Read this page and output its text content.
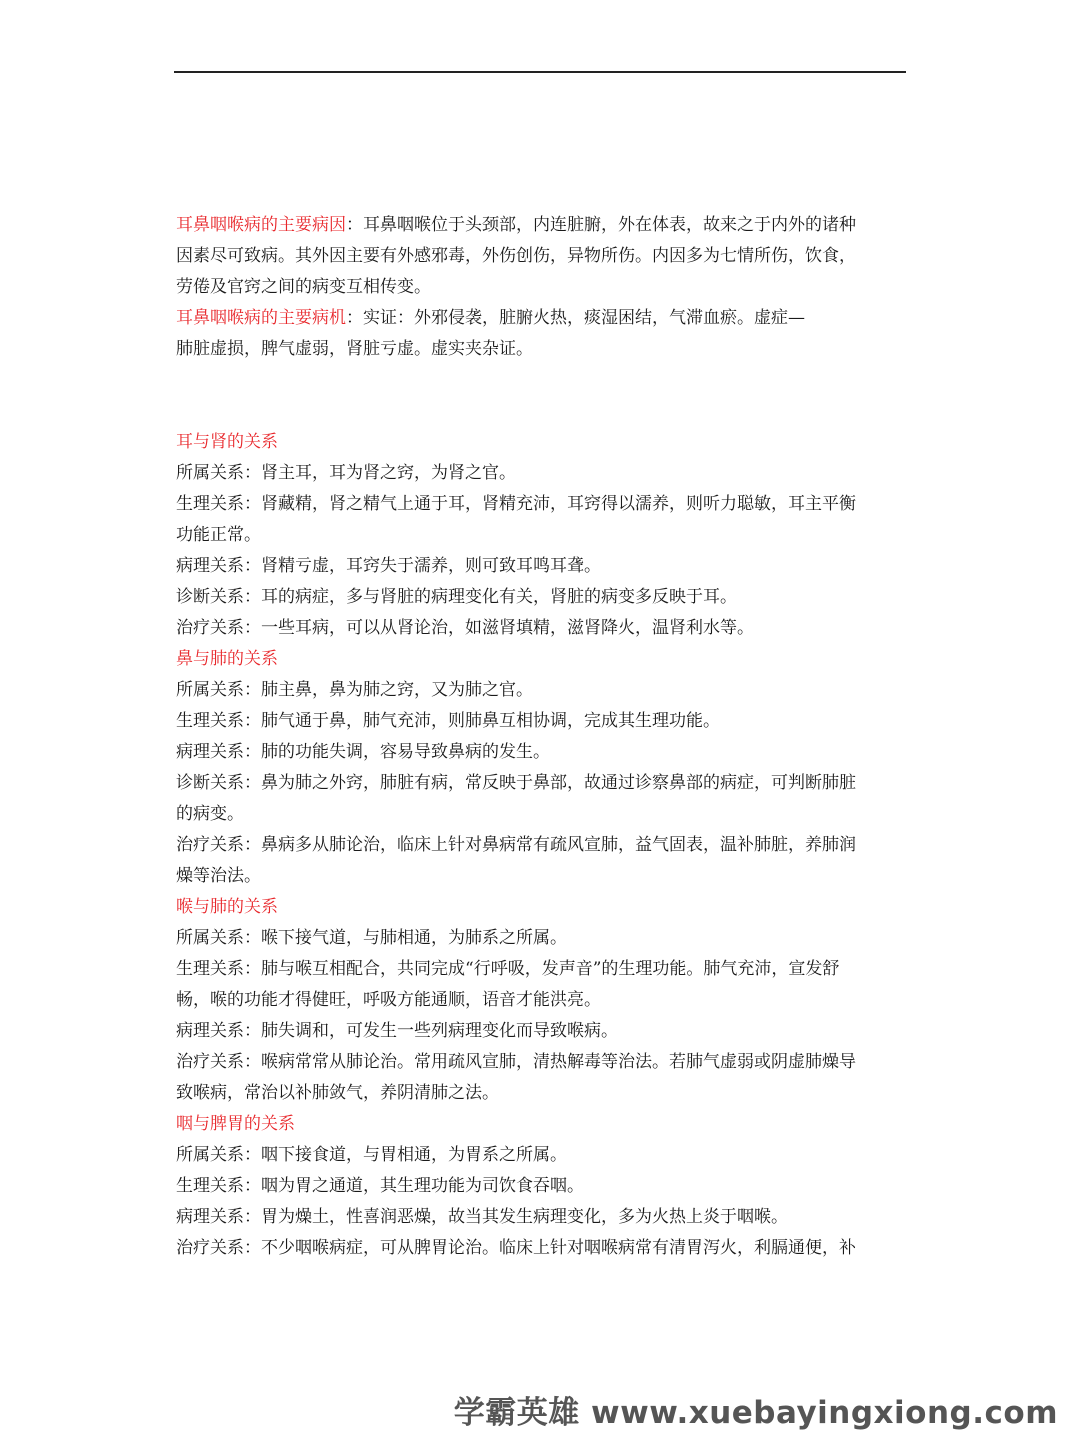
耳鼻咽喉病的主要病因：耳鼻咽喉位于头颈部，内连脏腑，外在体表，故来之于内外的诸种
因素尽可致病。其外因主要有外感邪毒，外伤创伤，异物所伤。内因多为七情所伤，饮食，
劳倦及官窍之间的病变互相传变。
耳鼻咽喉病的主要病机：实证：外邪侵袭，脏腑火热，痰湿困结，气滞血瘀。虚症—
肺脏虚损，脾气虚弱，肾脏亏虚。虚实夹杂证。
耳与肾的关系
所属关系：肾主耳，耳为肾之窍，为肾之官。
生理关系：肾藏精，肾之精气上通于耳，肾精充沛，耳窍得以濡养，则听力聪敏，耳主平衡
功能正常。
病理关系：肾精亏虚，耳窍失于濡养，则可致耳鸣耳聋。
诊断关系：耳的病症，多与肾脏的病理变化有关，肾脏的病变多反映于耳。
治疗关系：一些耳病，可以从肾论治，如滋肾填精，滋肾降火，温肾利水等。
鼻与肺的关系
所属关系：肺主鼻，鼻为肺之窍，又为肺之官。
生理关系：肺气通于鼻，肺气充沛，则肺鼻互相协调，完成其生理功能。
病理关系：肺的功能失调，容易导致鼻病的发生。
诊断关系：鼻为肺之外窍，肺脏有病，常反映于鼻部，故通过诊察鼻部的病症，可判断肺脏
的病变。
治疗关系：鼻病多从肺论治，临床上针对鼻病常有疏风宣肺，益气固表，温补肺脏，养肺润
燥等治法。
喉与肺的关系
所属关系：喉下接气道，与肺相通，为肺系之所属。
生理关系：肺与喉互相配合，共同完成“行呼吸，发声音”的生理功能。肺气充沛，宣发舒
畅，喉的功能才得健旺，呼吸方能通顺，语音才能洪亮。
病理关系：肺失调和，可发生一些列病理变化而导致喉病。
治疗关系：喉病常常从肺论治。常用疏风宣肺，清热解毒等治法。若肺气虚弱或阴虚肺燥导
致喉病，常治以补肺敛气，养阴清肺之法。
咽与脾胃的关系
所属关系：咽下接食道，与胃相通，为胃系之所属。
生理关系：咽为胃之通道，其生理功能为司饮食吞咽。
病理关系：胃为燥土，性喜润恶燥，故当其发生病理变化，多为火热上炎于咽喉。
治疗关系：不少咽喉病症，可从脾胃论治。临床上针对咽喉病常有清胃泻火，利膈通便，补
学霸英雄 www.xuebayingxiong.com
